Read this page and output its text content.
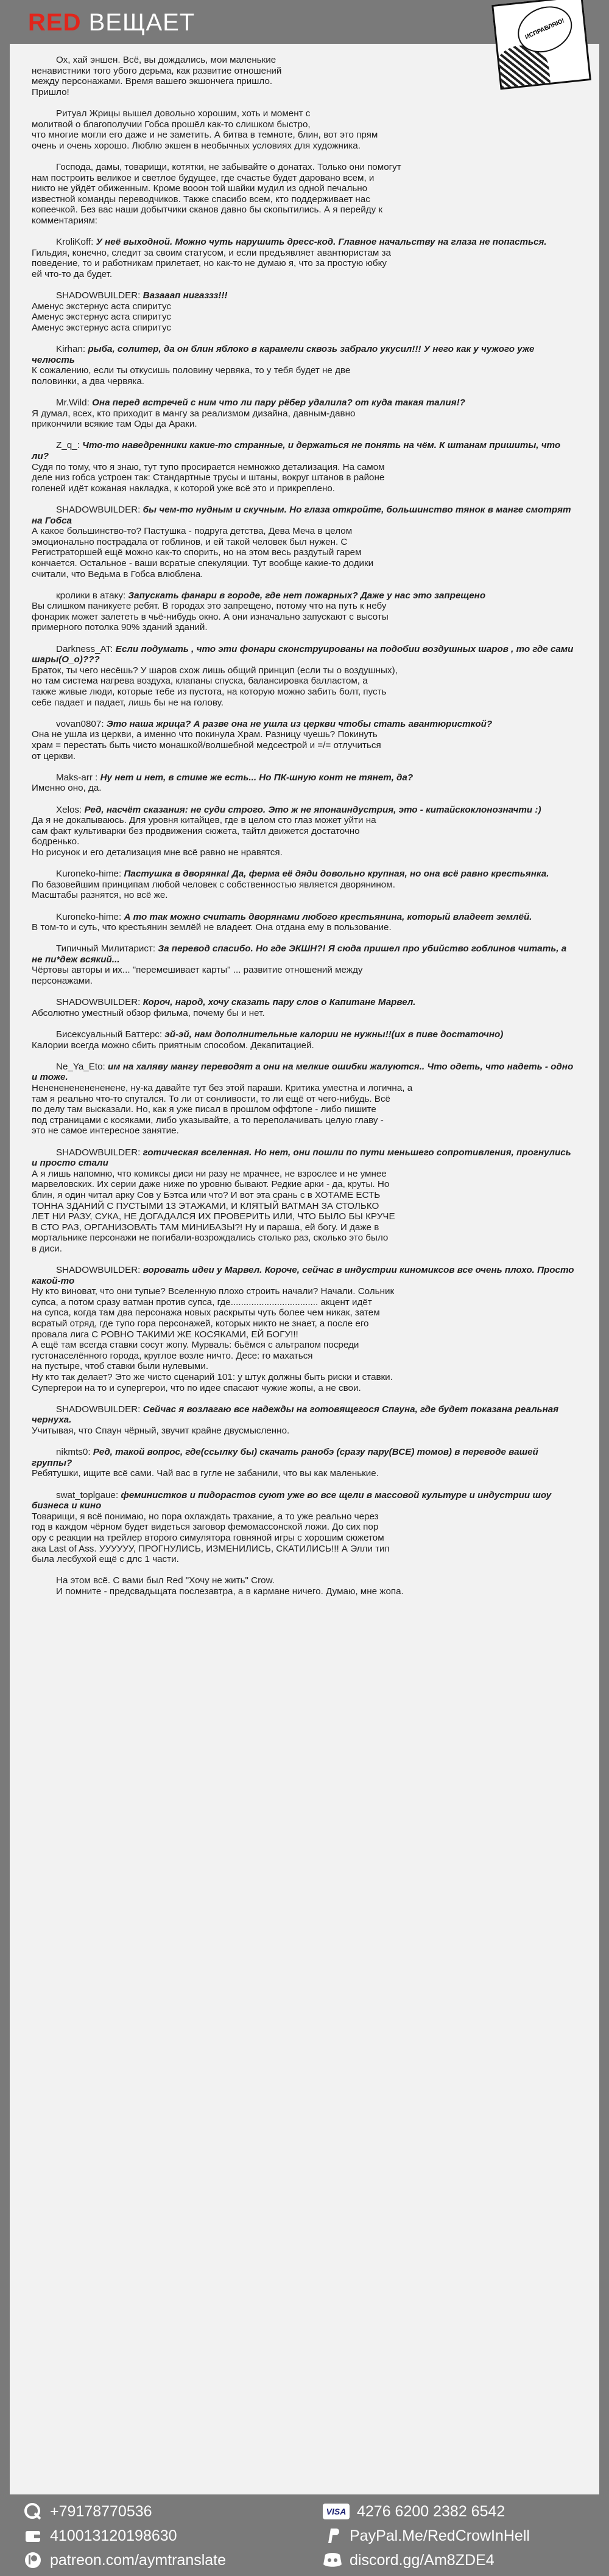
RED ВЕЩАЕТ	ИСПРАВЛЯЮ!

Ох, хай эншен. Всё, вы дождались, мои маленькие

ненавистники того убого дерьма, как развитие отношений

между персонажами. Время вашего экшончега пришло.

Пришло!

Ритуал Жрицы вышел довольно хорошим, хоть и момент с

молитвой о благополучии Гобса прошёл как-то слишком быстро,

что многие могли его даже и не заметить. А битва в темноте, блин, вот это прям

очень и очень хорошо. Люблю экшен в необычных условиях для художника.

Господа, дамы, товарищи, котятки, не забывайте о донатах. Только они помогут

нам построить великое и светлое будущее, где счастье будет даровано всем, и

никто не уйдёт обиженным. Кроме вооон той шайки мудил из одной печально

известной команды переводчиков. Также спасибо всем, кто поддерживает нас

копеечкой. Без вас наши добытчики сканов давно бы скопытились. А я перейду к

комментариям:

KroliKoff: У неё выходной. Можно чуть нарушить дресс-код. Главное начальству на глаза не попасться.

Гильдия, конечно, следит за своим статусом, и если предъявляет авантюристам за

поведение, то и работникам прилетает, но как-то не думаю я, что за простую юбку

ей что-то да будет.

SHADOWBUILDER: Вазааап нигаззз!!!

Аменус экстернус аста спиритус

Аменус экстернус аста спиритус

Аменус экстернус аста спиритус

Kirhan: рыба, солитер, да он блин яблоко в карамели сквозь забрало укусил!!! У него как у чужого уже челюсть

К сожалению, если ты откусишь половину червяка, то у тебя будет не две

половинки, а два червяка.

Mr.Wild: Она перед встречей с ним что ли пару рёбер удалила? от куда такая талия!?

Я думал, всех, кто приходит в мангу за реализмом дизайна, давным-давно

прикончили всякие там Оды да Араки.

Z_q_: Что-то наведренники какие-то странные, и держаться не понять на чём. К штанам пришиты, что ли?

Судя по тому, что я знаю, тут тупо просирается немножко детализация. На самом

деле низ гобса устроен так: Стандартные трусы и штаны, вокруг штанов в районе

голеней идёт кожаная накладка, к которой уже всё это и прикреплено.

SHADOWBUILDER: бы чем-то нудным и скучным. Но глаза откройте, большинство тянок в манге смотрят на Гобса

А какое большинство-то? Пастушка - подруга детства, Дева Меча в целом

эмоционально пострадала от гоблинов, и ей такой человек был нужен. С

Регистраторшей ещё можно как-то спорить, но на этом весь раздутый гарем

кончается. Остальное - ваши всратые спекуляции. Тут вообще какие-то додики

считали, что Ведьма в Гобса влюблена.

кролики в атаку: Запускать фанари в городе, где нет пожарных? Даже у нас это запрещено

Вы слишком паникуете ребят. В городах это запрещено, потому что на путь к небу

фонарик может залететь в чьё-нибудь окно. А они изначально запускают с высоты

примерного потолка 90% зданий зданий.

Darkness_AT: Если подумать , что эти фонари сконструированы на подобии воздушных шаров , то где сами шары(О_о)???

Браток, ты чего несёшь? У шаров схож лишь общий принцип (если ты о воздушных),

но там система нагрева воздуха, клапаны спуска, балансировка балластом, а

также живые люди, которые тебе из пустота, на которую можно забить болт, пусть

себе падает и падает, лишь бы не на голову.

vovan0807: Это наша жрица? А разве она не ушла из церкви чтобы стать авантюристкой?

Она не ушла из церкви, а именно что покинула Храм. Разницу чуешь? Покинуть

храм = перестать быть чисто монашкой/волшебной медсестрой и =/= отлучиться

от церкви.

Maks-arr : Ну нет и нет, в стиме же есть... Но ПК-шную конт не тянет, да?

Именно оно, да.

Xelos: Ред, насчёт сказания: не суди строго. Это ж не японаиндустрия, это - китайскоклонозначти :)

Да я не докапываюсь. Для уровня китайцев, где в целом сто глаз может уйти на

сам факт культиварки без продвижения сюжета, тайтл движется достаточно

бодренько.

Но рисунок и его детализация мне всё равно не нравятся.

Kuroneko-hime: Пастушка в дворянка! Да, ферма её дяди довольно крупная, но она всё равно крестьянка.

По базовейшим принципам любой человек с собственностью является дворянином.

Масштабы разнятся, но всё же.

Kuroneko-hime: А то так можно считать дворянами любого крестьянина, который владеет землёй.

В том-то и суть, что крестьянин землёй не владеет. Она отдана ему в пользование.

Типичный Милитарист: За перевод спасибо. Но где ЭКШН?! Я сюда пришел про убийство гоблинов читать, а не пи*деж всякий...

Чёртовы авторы и их... "перемешивает карты" ... развитие отношений между

персонажами.

SHADOWBUILDER: Короч, народ, хочу сказать пару слов о Капитане Марвел.

Абсолютно уместный обзор фильма, почему бы и нет.

Бисексуальный Баттерс: эй-эй, нам дополнительные калории не нужны!!(их в пиве достаточно)

Калории всегда можно сбить приятным способом. Декапитацией.

Ne_Ya_Eto: им на халяву мангу переводят а они на мелкие ошибки жалуются.. Что одеть, что надеть - одно и тоже.

Ненененененененене, ну-ка давайте тут без этой параши. Критика уместна и логична, а

там я реально что-то спутался. То ли от сонливости, то ли ещё от чего-нибудь. Всё

по делу там высказали. Но, как я уже писал в прошлом оффтопе - либо пишите

под страницами с косяками, либо указывайте, а то переполачивать целую главу -

это не самое интересное занятие.

SHADOWBUILDER: готическая вселенная. Но нет, они пошли по пути меньшего сопротивления, прогнулись и просто стали

А я лишь напомню, что комиксы диси ни разу не мрачнее, не взрослее и не умнее

марвеловских. Их серии даже ниже по уровню бывают. Редкие арки - да, круты. Но

блин, я один читал арку Сов у Бэтса или что? И вот эта срань с в ХОТАМЕ ЕСТЬ

ТОННА ЗДАНИЙ С ПУСТЫМИ 13 ЭТАЖАМИ, И КЛЯТЫЙ ВАТМАН ЗА СТОЛЬКО

ЛЕТ НИ РАЗУ, СУКА, НЕ ДОГАДАЛСЯ ИХ ПРОВЕРИТЬ ИЛИ, ЧТО БЫЛО БЫ КРУЧЕ

В СТО РАЗ, ОРГАНИЗОВАТЬ ТАМ МИНИБАЗЫ?! Ну и параша, ей богу. И даже в

мортальнике персонажи не погибали-возрождались столько раз, сколько это было

в диси.

SHADOWBUILDER: воровать идеи у Марвел. Короче, сейчас в индустрии киномиксов все очень плохо. Просто какой-то

Ну кто виноват, что они тупые? Вселенную плохо строить начали? Начали. Сольник

супса, а потом сразу ватман против супса, где.................................. акцент идёт

на супса, когда там два персонажа новых раскрыты чуть более чем никак, затем

всратый отряд, где тупо гора персонажей, которых никто не знает, а после его

провала лига С РОВНО ТАКИМИ ЖЕ КОСЯКАМИ, ЕЙ БОГУ!!!

А ещё там всегда ставки сосут жопу. Мурваль: бьёмся с альтрапом посреди

густонаселённого города, круглое возле ничто. Десе: го махаться

на пустыре, чтоб ставки были нулевыми.

Ну кто так делает? Это же чисто сценарий 101: у штук должны быть риски и ставки.

Супергерои на то и супергерои, что по идее спасают чужие жопы, а не свои.

SHADOWBUILDER: Сейчас я возлагаю все надежды на готовящегося Спауна, где будет показана реальная чернуха.

Учитывая, что Спаун чёрный, звучит крайне двусмысленно.

nikmts0: Ред, такой вопрос, где(ссылку бы) скачать ранобэ (сразу пару(ВСЕ) томов) в переводе вашей группы?

Ребятушки, ищите всё сами. Чай вас в гугле не забанили, что вы как маленькие.

swat_toplgaue: феминистков и пидорастов суют уже во все щели в массовой культуре и индустрии шоу бизнеса и кино

Товарищи, я всё понимаю, но пора охлаждать трахание, а то уже реально через

год в каждом чёрном будет видеться заговор фемомассонской ложи. До сих пор

ору с реакции на трейлер второго симулятора говняной игры с хорошим сюжетом

ака Last of Ass. УУУУУУ, ПРОГНУЛИСЬ, ИЗМЕНИЛИСЬ, СКАТИЛИСЬ!!! А Элли тип

была лесбухой ещё с длс 1 части.

На этом всё. С вами был Red "Хочу не жить" Crow.

И помните - предсвадьщата послезавтра, а в кармане ничего. Думаю, мне жопа.

+79178770536	VISA 4276 6200 2382 6542
410013120198630	PayPal.Me/RedCrowInHell
patreon.com/aymtranslate	discord.gg/Am8ZDE4
